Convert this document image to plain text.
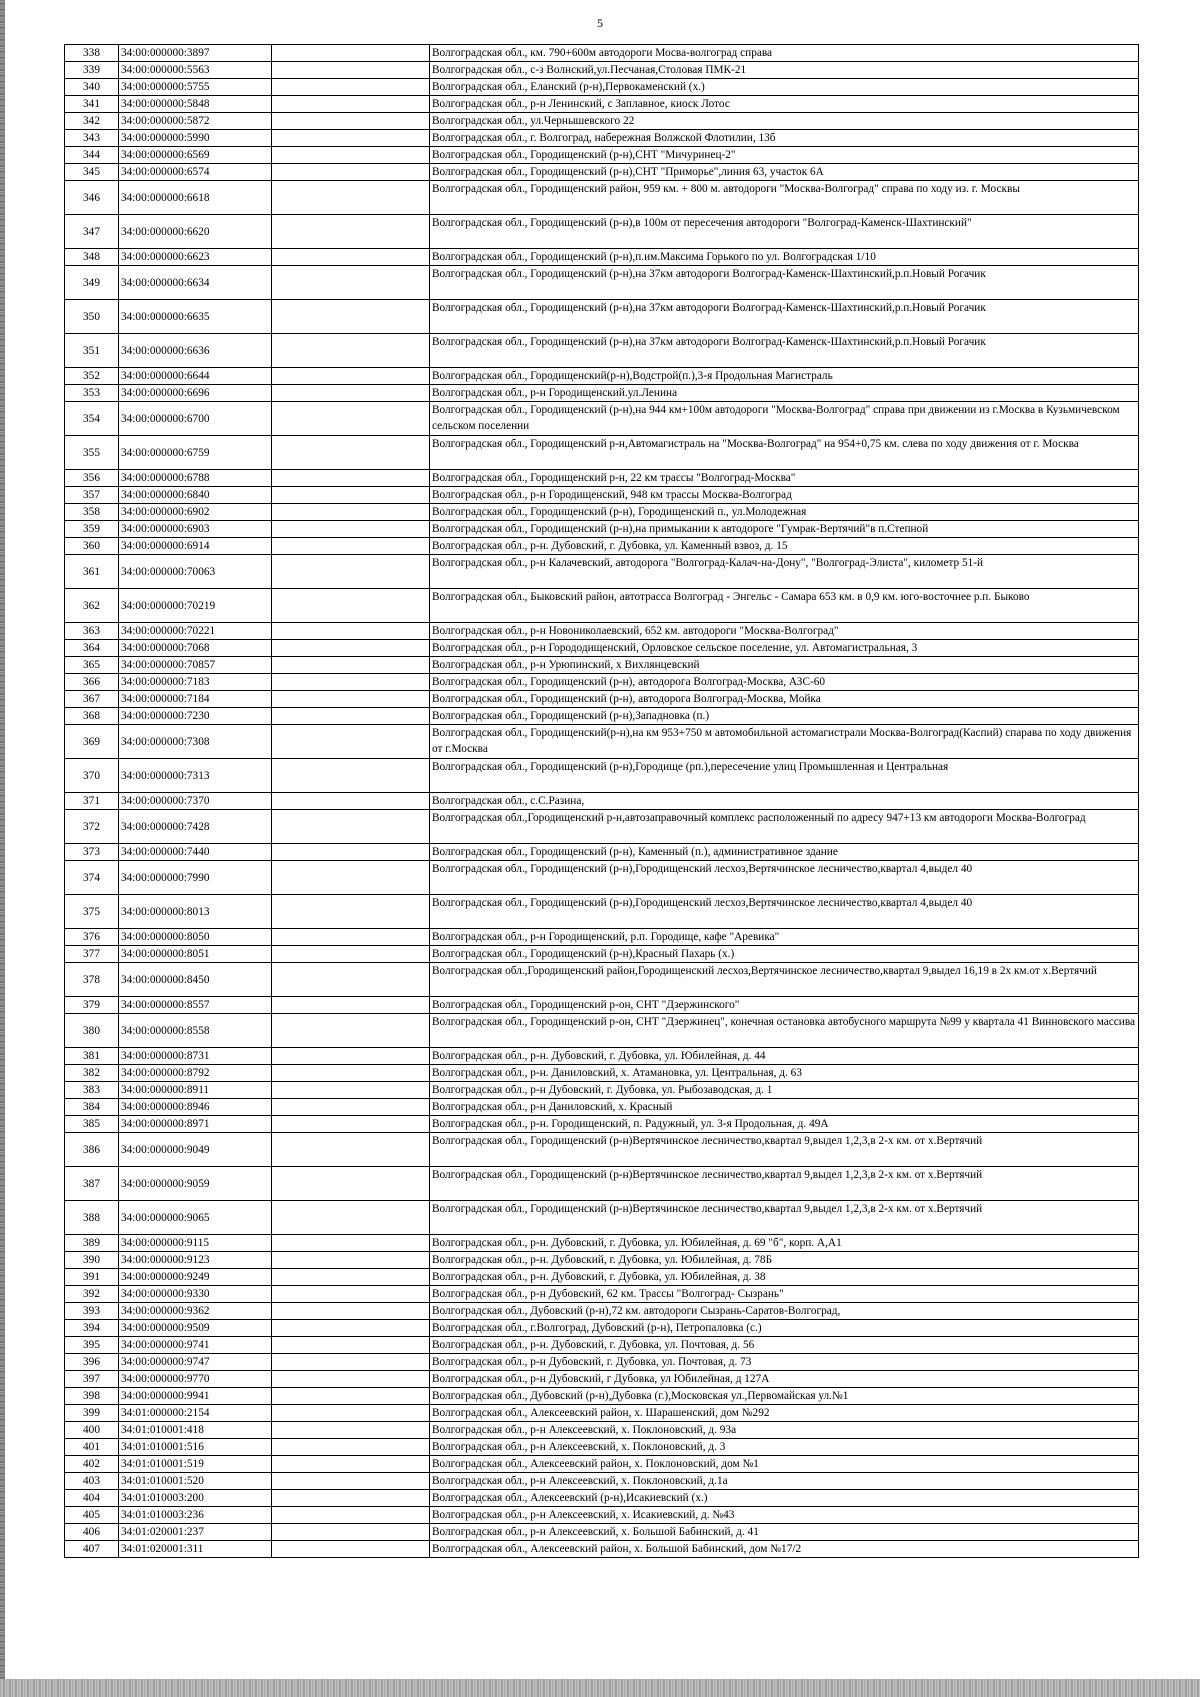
5
338	34:00:000000:3897		Волгоградская обл., км. 790+600м автодороги Мосва-волгоград справа
339	34:00:000000:5563		Волгоградская обл., с-з Волнский,ул.Песчаная,Столовая ПМК-21
340	34:00:000000:5755		Волгоградская обл., Еланский (р-н),Первокаменский (х.)
341	34:00:000000:5848		Волгоградская обл., р-н Ленинский, с Заплавное, киоск Лотос
342	34:00:000000:5872		Волгоградская обл., ул.Чернышевского 22
343	34:00:000000:5990		Волгоградская обл., г. Волгоград, набережная Волжской Флотилии, 13б
344	34:00:000000:6569		Волгоградская обл., Городищенский (р-н),СНТ "Мичуринец-2"
345	34:00:000000:6574		Волгоградская обл., Городищенский (р-н),СНТ "Приморье",линия 63, участок 6А
346	34:00:000000:6618		Волгоградская обл., Городищенский район, 959 км. + 800 м. автодороги "Москва-Волгоград" справа по ходу из. г. Москвы
347	34:00:000000:6620		Волгоградская обл., Городищенский (р-н),в 100м от пересечения автодороги "Волгоград-Каменск-Шахтинский"
348	34:00:000000:6623		Волгоградская обл., Городищенский (р-н),п.им.Максима Горького по ул. Волгоградская 1/10
349	34:00:000000:6634		Волгоградская обл., Городищенский (р-н),на 37км автодороги Волгоград-Каменск-Шахтинский,р.п.Новый Рогачик
350	34:00:000000:6635		Волгоградская обл., Городищенский (р-н),на 37км автодороги Волгоград-Каменск-Шахтинский,р.п.Новый Рогачик
351	34:00:000000:6636		Волгоградская обл., Городищенский (р-н),на 37км автодороги Волгоград-Каменск-Шахтинский,р.п.Новый Рогачик
352	34:00:000000:6644		Волгоградская обл., Городищенский(р-н),Водстрой(п.),3-я Продольная Магистраль
353	34:00:000000:6696		Волгоградская обл., р-н Городищенский.ул.Ленина
354	34:00:000000:6700		Волгоградская обл., Городищенский (р-н),на 944 км+100м автодороги "Москва-Волгоград" справа при движении из г.Москва в Кузьмичевском сельском поселении
355	34:00:000000:6759		Волгоградская обл., Городищенский р-н,Автомагистраль на "Москва-Волгоград" на 954+0,75 км. слева по ходу движения от г. Москва
356	34:00:000000:6788		Волгоградская обл., Городищенский р-н, 22 км трассы "Волгоград-Москва"
357	34:00:000000:6840		Волгоградская обл., р-н Городищенский, 948 км трассы Москва-Волгоград
358	34:00:000000:6902		Волгоградская обл., Городищенский (р-н), Городищенский п., ул.Молодежная
359	34:00:000000:6903		Волгоградская обл., Городищенский (р-н),на примыкании к автодороге "Гумрак-Вертячий"в п.Степной
360	34:00:000000:6914		Волгоградская обл., р-н. Дубовский, г. Дубовка, ул. Каменный взвоз, д. 15
361	34:00:000000:70063		Волгоградская обл., р-н Калачевский, автодорога "Волгоград-Калач-на-Дону", "Волгоград-Элиста", километр 51-й
362	34:00:000000:70219		Волгоградская обл., Быковский район, автотрасса Волгоград - Энгельс - Самара 653 км. в 0,9 км. юго-восточнее р.п. Быково
363	34:00:000000:70221		Волгоградская обл., р-н Новониколаевский, 652 км. автодороги "Москва-Волгоград"
364	34:00:000000:7068		Волгоградская обл., р-н Горододищенский, Орловское сельское поселение, ул. Автомагистральная, 3
365	34:00:000000:70857		Волгоградская обл., р-н Урюпинский, х Вихлянцевский
366	34:00:000000:7183		Волгоградская обл., Городищенский (р-н), автодорога Волгоград-Москва, АЗС-60
367	34:00:000000:7184		Волгоградская обл., Городищенский (р-н), автодорога Волгоград-Москва, Мойка
368	34:00:000000:7230		Волгоградская обл., Городищенский (р-н),Западновка (п.)
369	34:00:000000:7308		Волгоградская обл., Городищенский(р-н),на км 953+750 м автомобильной астомагистрали Москва-Волгоград(Каспий) спарава по ходу движения от г.Москва
370	34:00:000000:7313		Волгоградская обл., Городищенский (р-н),Городище (рп.),пересечение улиц Промышленная и Центральная
371	34:00:000000:7370		Волгоградская обл., с.С.Разина,
372	34:00:000000:7428		Волгоградская обл.,Городищенский р-н,автозаправочный комплекс расположенный по адресу 947+13 км автодороги Москва-Волгоград
373	34:00:000000:7440		Волгоградская обл., Городищенский (р-н), Каменный (п.), административное здание
374	34:00:000000:7990		Волгоградская обл., Городищенский (р-н),Городищенский лесхоз,Вертячинское лесничество,квартал 4,выдел 40
375	34:00:000000:8013		Волгоградская обл., Городищенский (р-н),Городищенский лесхоз,Вертячинское лесничество,квартал 4,выдел 40
376	34:00:000000:8050		Волгоградская обл., р-н Городищенский, р.п. Городище, кафе "Аревика"
377	34:00:000000:8051		Волгоградская обл., Городищенский (р-н),Красный Пахарь (х.)
378	34:00:000000:8450		Волгоградская обл.,Городищенский район,Городищенский лесхоз,Вертячинское лесничество,квартал 9,выдел 16,19 в 2х км.от х.Вертячий
379	34:00:000000:8557		Волгоградская обл., Городищенский р-он, СНТ "Дзержинского"
380	34:00:000000:8558		Волгоградская обл., Городищенский р-он, СНТ "Дзержинец", конечная остановка автобусного маршрута №99 у квартала 41 Винновского массива
381	34:00:000000:8731		Волгоградская обл., р-н. Дубовский, г. Дубовка, ул. Юбилейная, д. 44
382	34:00:000000:8792		Волгоградская обл., р-н. Даниловский, х. Атамановка, ул. Центральная, д. 63
383	34:00:000000:8911		Волгоградская обл., р-н Дубовский, г. Дубовка, ул. Рыбозаводская, д. 1
384	34:00:000000:8946		Волгоградская обл., р-н Даниловский, х. Красный
385	34:00:000000:8971		Волгоградская обл., р-н. Городищенский, п. Радужный, ул. 3-я Продольная, д. 49А
386	34:00:000000:9049		Волгоградская обл., Городищенский (р-н)Вертячинское лесничество,квартал 9,выдел 1,2,3,в 2-х км. от х.Вертячий
387	34:00:000000:9059		Волгоградская обл., Городищенский (р-н)Вертячинское лесничество,квартал 9,выдел 1,2,3,в 2-х км. от х.Вертячий
388	34:00:000000:9065		Волгоградская обл., Городищенский (р-н)Вертячинское лесничество,квартал 9,выдел 1,2,3,в 2-х км. от х.Вертячий
389	34:00:000000:9115		Волгоградская обл., р-н. Дубовский, г. Дубовка, ул. Юбилейная, д. 69 "б", корп. А,А1
390	34:00:000000:9123		Волгоградская обл., р-н. Дубовский, г. Дубовка, ул. Юбилейная, д. 78Б
391	34:00:000000:9249		Волгоградская обл., р-н. Дубовский, г. Дубовка, ул. Юбилейная, д. 38
392	34:00:000000:9330		Волгоградская обл., р-н Дубовский, 62 км. Трассы "Волгоград- Сызрань"
393	34:00:000000:9362		Волгоградская обл., Дубовский (р-н),72 км. автодороги Сызрань-Саратов-Волгоград,
394	34:00:000000:9509		Волгоградская обл., г.Волгоград, Дубовский (р-н), Петропаловка (с.)
395	34:00:000000:9741		Волгоградская обл., р-н. Дубовский, г. Дубовка, ул. Почтовая, д. 56
396	34:00:000000:9747		Волгоградская обл., р-н Дубовский, г. Дубовка, ул. Почтовая, д. 73
397	34:00:000000:9770		Волгоградская обл., р-н Дубовский, г Дубовка, ул Юбилейная, д 127А
398	34:00:000000:9941		Волгоградская обл., Дубовский (р-н),Дубовка (г.),Московская ул.,Первомайская ул.№1
399	34:01:000000:2154		Волгоградская обл., Алексеевский район, х. Шарашенский, дом №292
400	34:01:010001:418		Волгоградская обл., р-н Алексеевский, х. Поклоновский, д. 93а
401	34:01:010001:516		Волгоградская обл., р-н Алексеевский, х. Поклоновский, д. 3
402	34:01:010001:519		Волгоградская обл., Алексеевский район, х. Поклоновский, дом №1
403	34:01:010001:520		Волгоградская обл., р-н Алексеевский, х. Поклоновский, д.1а
404	34:01:010003:200		Волгоградская обл., Алексеевский (р-н),Исакиевский (х.)
405	34:01:010003:236		Волгоградская обл., р-н Алексеевский, х. Исакиевский, д. №43
406	34:01:020001:237		Волгоградская обл., р-н Алексеевский, х. Большой Бабинский, д. 41
407	34:01:020001:311		Волгоградская обл., Алексеевский район, х. Большой Бабинский, дом №17/2
